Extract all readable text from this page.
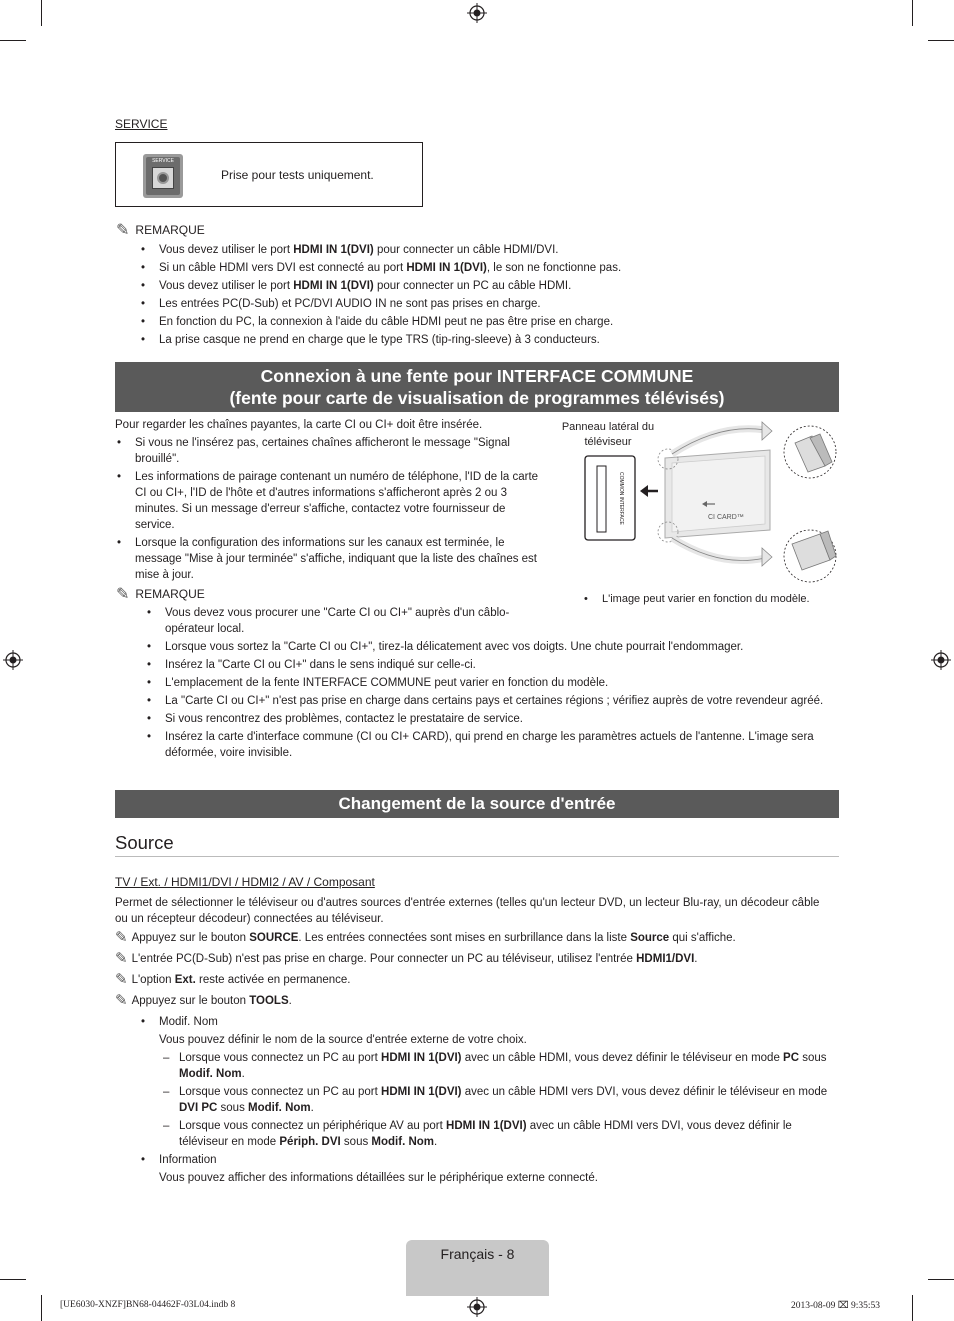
SERVICE
SERVICE
Prise pour tests uniquement.
✎ REMARQUE
• Vous devez utiliser le port HDMI IN 1(DVI) pour connecter un câble HDMI/DVI.
• Si un câble HDMI vers DVI est connecté au port HDMI IN 1(DVI), le son ne fonctionne pas.
• Vous devez utiliser le port HDMI IN 1(DVI) pour connecter un PC au câble HDMI.
• Les entrées PC(D-Sub) et PC/DVI AUDIO IN ne sont pas prises en charge.
• En fonction du PC, la connexion à l'aide du câble HDMI peut ne pas être prise en charge.
• La prise casque ne prend en charge que le type TRS (tip-ring-sleeve) à 3 conducteurs.
Connexion à une fente pour INTERFACE COMMUNE
(fente pour carte de visualisation de programmes télévisés)
Pour regarder les chaînes payantes, la carte CI ou CI+ doit être insérée.
• Si vous ne l'insérez pas, certaines chaînes afficheront le message "Signal brouillé".
• Les informations de pairage contenant un numéro de téléphone, l'ID de la carte CI ou CI+, l'ID de l'hôte et d'autres informations s'afficheront après 2 ou 3 minutes. Si un message d'erreur s'affiche, contactez votre fournisseur de service.
• Lorsque la configuration des informations sur les canaux est terminée, le message "Mise à jour terminée" s'affiche, indiquant que la liste des chaînes est mise à jour.
Panneau latéral du téléviseur
COMMON INTERFACE	CI CARD™
• L'image peut varier en fonction du modèle.
✎ REMARQUE
• Vous devez vous procurer une "Carte CI ou CI+" auprès d'un câblo-opérateur local.
• Lorsque vous sortez la "Carte CI ou CI+", tirez-la délicatement avec vos doigts. Une chute pourrait l'endommager.
• Insérez la "Carte CI ou CI+" dans le sens indiqué sur celle-ci.
• L'emplacement de la fente INTERFACE COMMUNE peut varier en fonction du modèle.
• La "Carte CI ou CI+" n'est pas prise en charge dans certains pays et certaines régions ; vérifiez auprès de votre revendeur agréé.
• Si vous rencontrez des problèmes, contactez le prestataire de service.
• Insérez la carte d'interface commune (CI ou CI+ CARD), qui prend en charge les paramètres actuels de l'antenne. L'image sera déformée, voire invisible.
Changement de la source d'entrée
Source
TV / Ext. / HDMI1/DVI / HDMI2 / AV / Composant
Permet de sélectionner le téléviseur ou d'autres sources d'entrée externes (telles qu'un lecteur DVD, un lecteur Blu-ray, un décodeur câble ou un récepteur décodeur) connectées au téléviseur.
✎ Appuyez sur le bouton SOURCE. Les entrées connectées sont mises en surbrillance dans la liste Source qui s'affiche.
✎ L'entrée PC(D-Sub) n'est pas prise en charge. Pour connecter un PC au téléviseur, utilisez l'entrée HDMI1/DVI.
✎ L'option Ext. reste activée en permanence.
✎ Appuyez sur le bouton TOOLS.
• Modif. Nom
Vous pouvez définir le nom de la source d'entrée externe de votre choix.
– Lorsque vous connectez un PC au port HDMI IN 1(DVI) avec un câble HDMI, vous devez définir le téléviseur en mode PC sous Modif. Nom.
– Lorsque vous connectez un PC au port HDMI IN 1(DVI) avec un câble HDMI vers DVI, vous devez définir le téléviseur en mode DVI PC sous Modif. Nom.
– Lorsque vous connectez un périphérique AV au port HDMI IN 1(DVI) avec un câble HDMI vers DVI, vous devez définir le téléviseur en mode Périph. DVI sous Modif. Nom.
• Information
Vous pouvez afficher des informations détaillées sur le périphérique externe connecté.
Français - 8
[UE6030-XNZF]BN68-04462F-03L04.indb 8	2013-08-09 ⌧ 9:35:53
